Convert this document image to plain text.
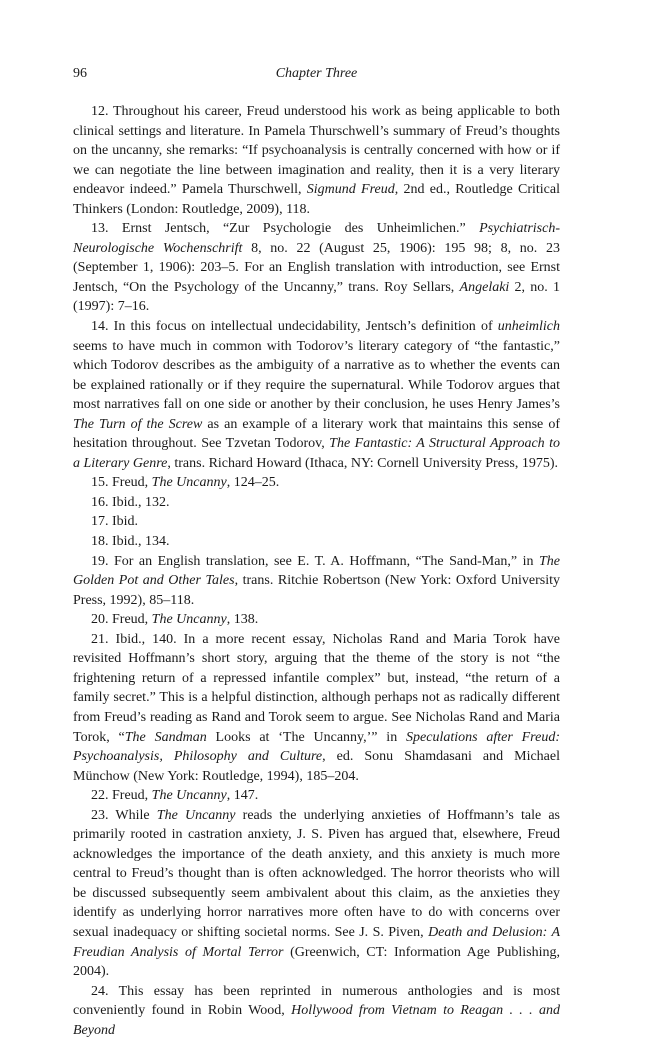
96	Chapter Three

12. Throughout his career, Freud understood his work as being applicable to both clinical settings and literature. In Pamela Thurschwell’s summary of Freud’s thoughts on the uncanny, she remarks: “If psychoanalysis is centrally concerned with how or if we can negotiate the line between imagination and reality, then it is a very literary endeavor indeed.” Pamela Thurschwell, Sigmund Freud, 2nd ed., Routledge Critical Thinkers (London: Routledge, 2009), 118.

13. Ernst Jentsch, “Zur Psychologie des Unheimlichen.” Psychiatrisch-Neurologische Wochenschrift 8, no. 22 (August 25, 1906): 195 98; 8, no. 23 (September 1, 1906): 203–5. For an English translation with introduction, see Ernst Jentsch, “On the Psychology of the Uncanny,” trans. Roy Sellars, Angelaki 2, no. 1 (1997): 7–16.

14. In this focus on intellectual undecidability, Jentsch’s definition of unheimlich seems to have much in common with Todorov’s literary category of “the fantastic,” which Todorov describes as the ambiguity of a narrative as to whether the events can be explained rationally or if they require the supernatural. While Todorov argues that most narratives fall on one side or another by their conclusion, he uses Henry James’s The Turn of the Screw as an example of a literary work that maintains this sense of hesitation throughout. See Tzvetan Todorov, The Fantastic: A Structural Approach to a Literary Genre, trans. Richard Howard (Ithaca, NY: Cornell University Press, 1975).

15. Freud, The Uncanny, 124–25.

16. Ibid., 132.

17. Ibid.

18. Ibid., 134.

19. For an English translation, see E. T. A. Hoffmann, “The Sand-Man,” in The Golden Pot and Other Tales, trans. Ritchie Robertson (New York: Oxford University Press, 1992), 85–118.

20. Freud, The Uncanny, 138.

21. Ibid., 140. In a more recent essay, Nicholas Rand and Maria Torok have revisited Hoffmann’s short story, arguing that the theme of the story is not “the frightening return of a repressed infantile complex” but, instead, “the return of a family secret.” This is a helpful distinction, although perhaps not as radically different from Freud’s reading as Rand and Torok seem to argue. See Nicholas Rand and Maria Torok, “The Sandman Looks at ‘The Uncanny,’” in Speculations after Freud: Psychoanalysis, Philosophy and Culture, ed. Sonu Shamdasani and Michael Münchow (New York: Routledge, 1994), 185–204.

22. Freud, The Uncanny, 147.

23. While The Uncanny reads the underlying anxieties of Hoffmann’s tale as primarily rooted in castration anxiety, J. S. Piven has argued that, elsewhere, Freud acknowledges the importance of the death anxiety, and this anxiety is much more central to Freud’s thought than is often acknowledged. The horror theorists who will be discussed subsequently seem ambivalent about this claim, as the anxieties they identify as underlying horror narratives more often have to do with concerns over sexual inadequacy or shifting societal norms. See J. S. Piven, Death and Delusion: A Freudian Analysis of Mortal Terror (Greenwich, CT: Information Age Publishing, 2004).

24. This essay has been reprinted in numerous anthologies and is most conveniently found in Robin Wood, Hollywood from Vietnam to Reagan . . . and Beyond
